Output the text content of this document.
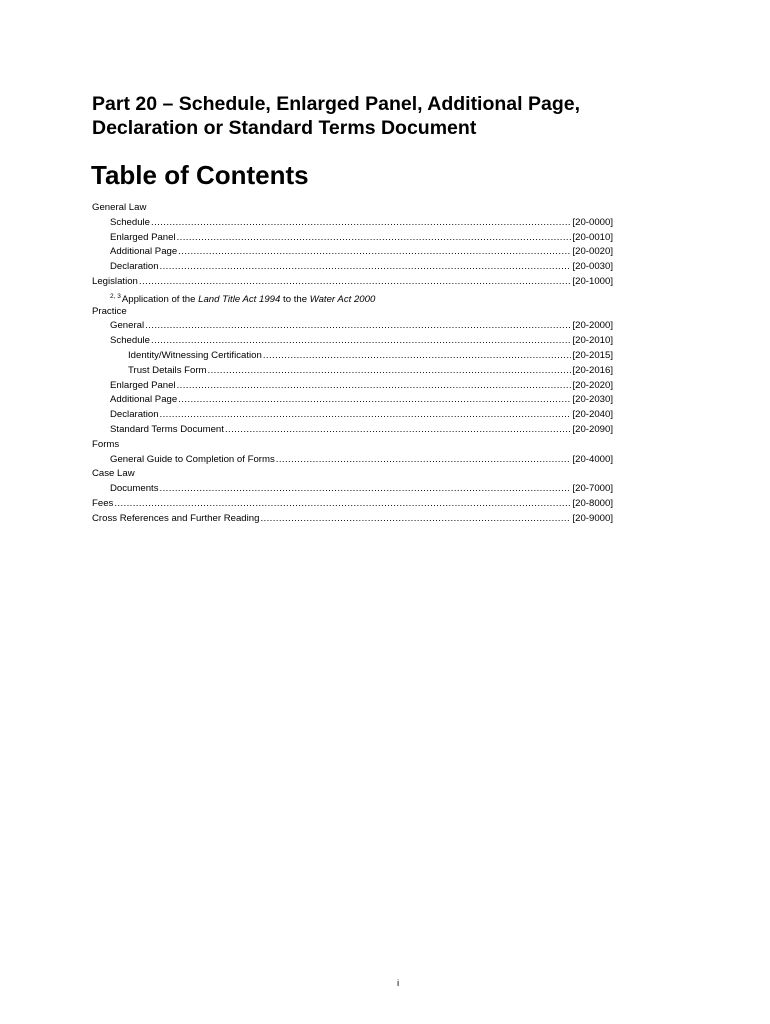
Part 20 – Schedule, Enlarged Panel, Additional Page, Declaration or Standard Terms Document
Table of Contents
General Law
Schedule .....	[20-0000]
Enlarged Panel .....	[20-0010]
Additional Page .....	[20-0020]
Declaration .....	[20-0030]
Legislation .....	[20-1000]
$^{2, 3}$Application of the Land Title Act 1994 to the Water Act 2000
Practice
General .....	[20-2000]
Schedule .....	[20-2010]
Identity/Witnessing Certification .....	[20-2015]
Trust Details Form .....	[20-2016]
Enlarged Panel .....	[20-2020]
Additional Page .....	[20-2030]
Declaration .....	[20-2040]
Standard Terms Document .....	[20-2090]
Forms
General Guide to Completion of Forms .....	[20-4000]
Case Law
Documents .....	[20-7000]
Fees .....	[20-8000]
Cross References and Further Reading .....	[20-9000]
i
